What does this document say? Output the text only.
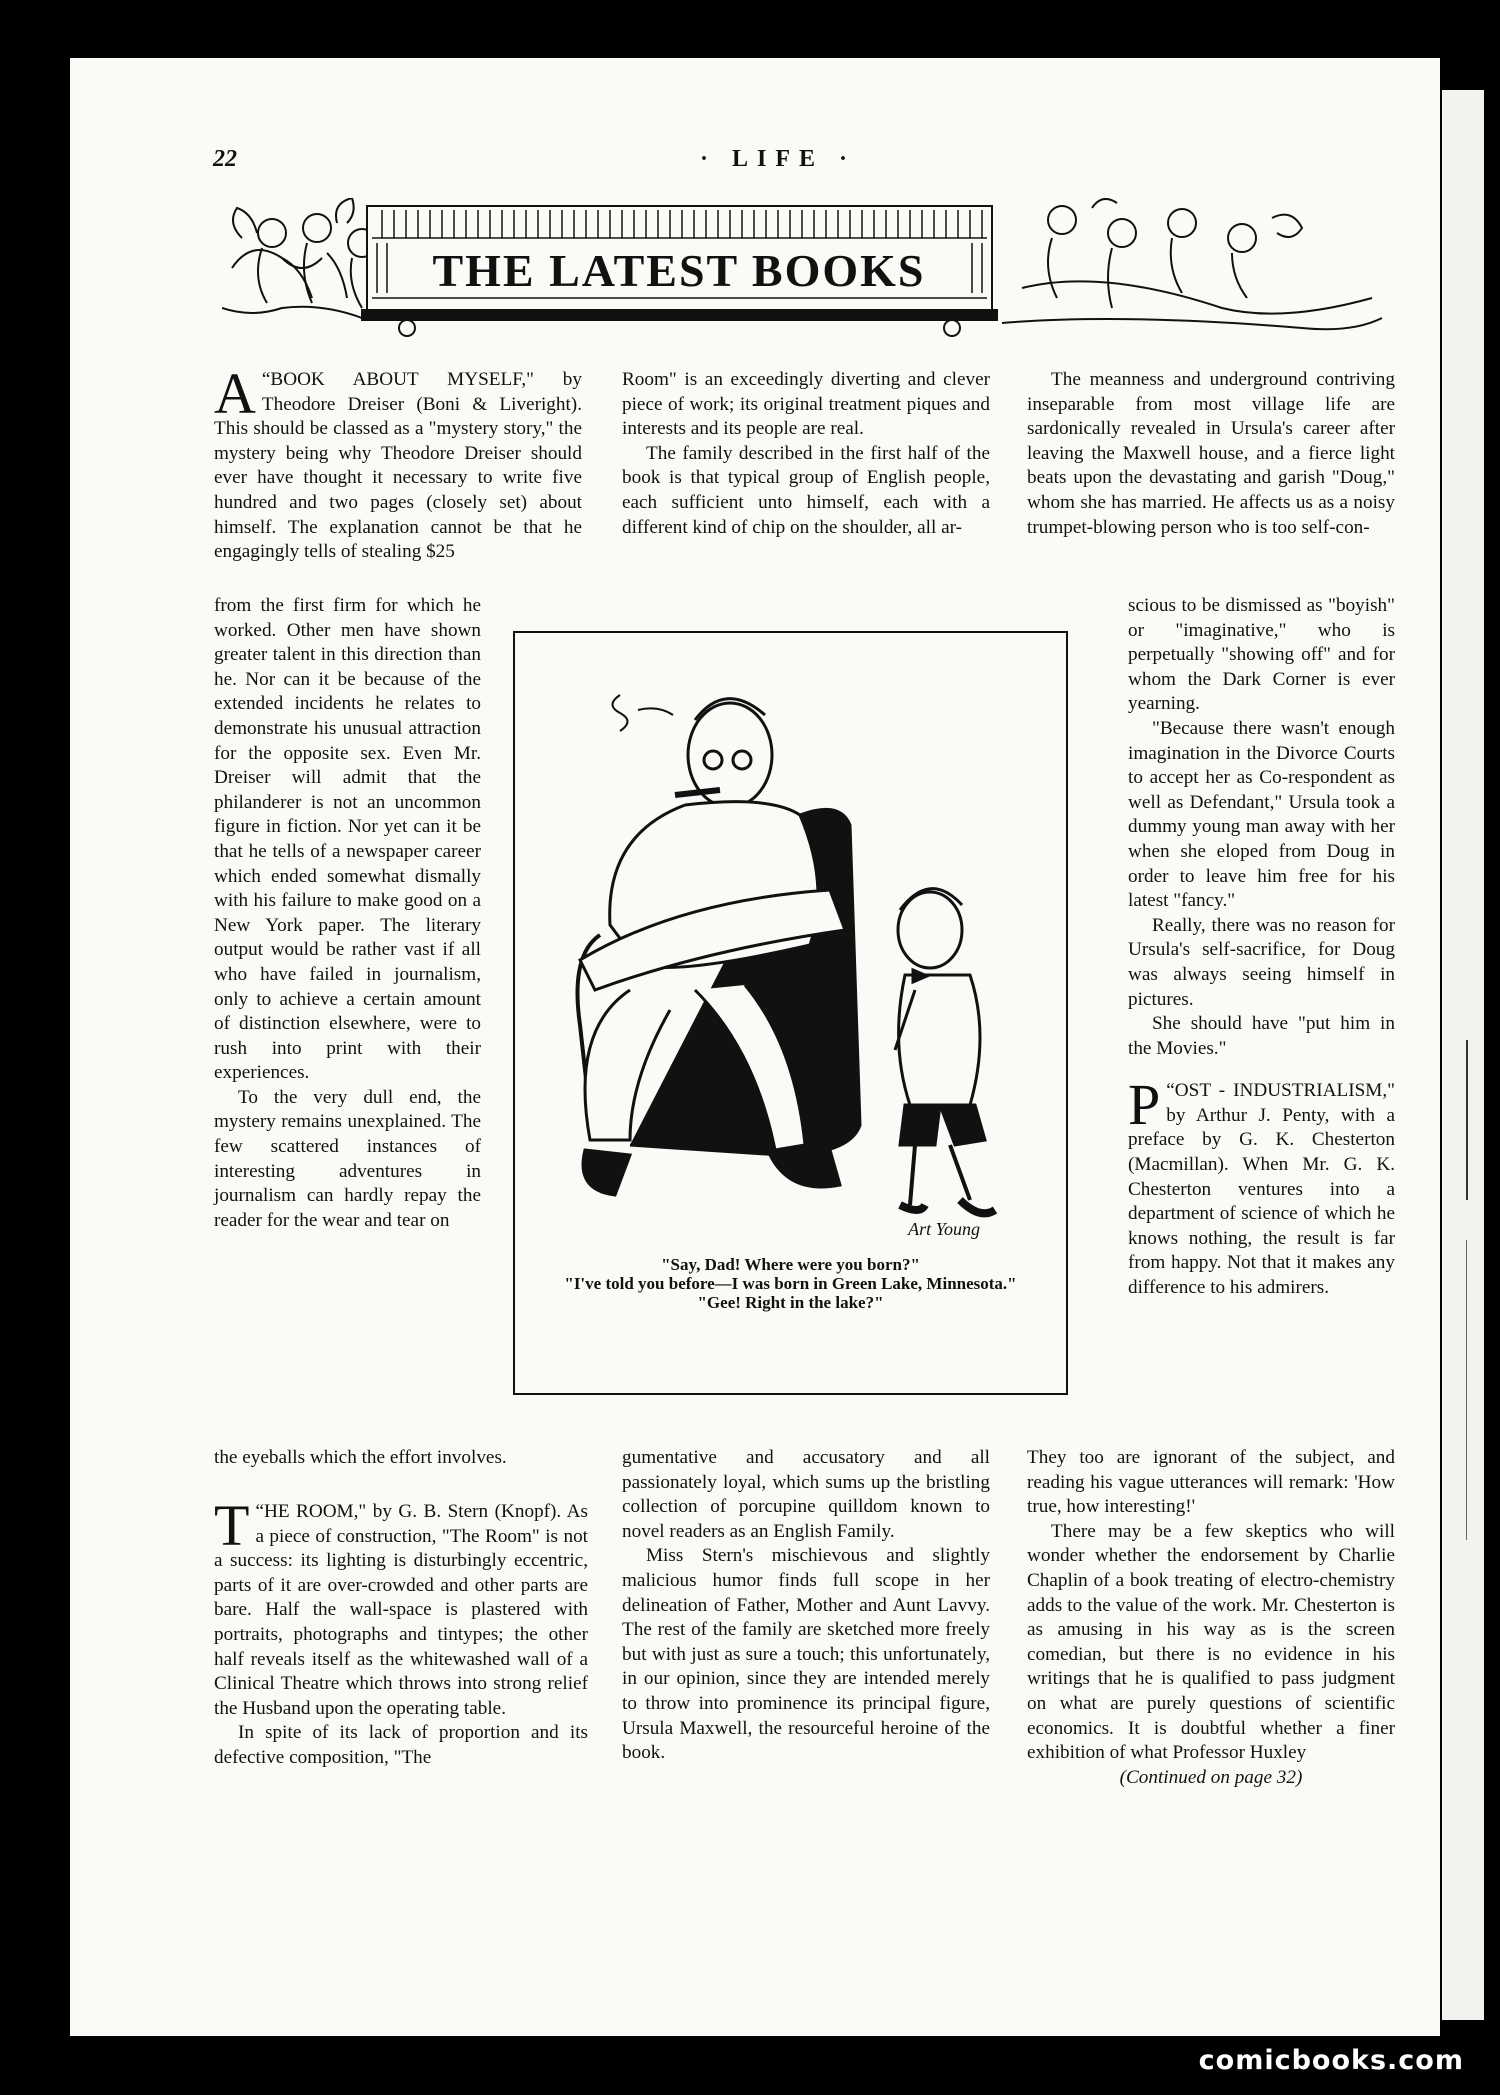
22	· LIFE ·
THE LATEST BOOKS

“
A BOOK ABOUT MYSELF," by Theodore Dreiser (Boni & Liveright). This should be classed as a "mystery story," the mystery being why Theodore Dreiser should ever have thought it necessary to write five hundred and two pages (closely set) about himself. The explanation cannot be that he engagingly tells of stealing $25

from the first firm for which he worked. Other men have shown greater talent in this direction than he. Nor can it be because of the extended incidents he relates to demonstrate his unusual attraction for the opposite sex. Even Mr. Dreiser will admit that the philanderer is not an uncommon figure in fiction. Nor yet can it be that he tells of a newspaper career which ended somewhat dismally with his failure to make good on a New York paper. The literary output would be rather vast if all who have failed in journalism, only to achieve a certain amount of distinction elsewhere, were to rush into print with their experiences.

To the very dull end, the mystery remains unexplained. The few scattered instances of interesting adventures in journalism can hardly repay the reader for the wear and tear on

the eyeballs which the effort involves.

“
T HE ROOM," by G. B. Stern (Knopf). As a piece of construction, "The Room" is not a success: its lighting is disturbingly eccentric, parts of it are over-crowded and other parts are bare. Half the wall-space is plastered with portraits, photographs and tintypes; the other half reveals itself as the whitewashed wall of a Clinical Theatre which throws into strong relief the Husband upon the operating table.

In spite of its lack of proportion and its defective composition, "The

Room" is an exceedingly diverting and clever piece of work; its original treatment piques and interests and its people are real.

The family described in the first half of the book is that typical group of English people, each sufficient unto himself, each with a different kind of chip on the shoulder, all ar-

gumentative and accusatory and all passionately loyal, which sums up the bristling collection of porcupine quilldom known to novel readers as an English Family.

Miss Stern's mischievous and slightly malicious humor finds full scope in her delineation of Father, Mother and Aunt Lavvy. The rest of the family are sketched more freely but with just as sure a touch; this unfortunately, in our opinion, since they are intended merely to throw into prominence its principal figure, Ursula Maxwell, the resourceful heroine of the book.

The meanness and underground contriving inseparable from most village life are sardonically revealed in Ursula's career after leaving the Maxwell house, and a fierce light beats upon the devastating and garish "Doug," whom she has married. He affects us as a noisy trumpet-blowing person who is too self-con-

scious to be dismissed as "boyish" or "imaginative," who is perpetually "showing off" and for whom the Dark Corner is ever yearning.

"Because there wasn't enough imagination in the Divorce Courts to accept her as Co-respondent as well as Defendant," Ursula took a dummy young man away with her when she eloped from Doug in order to leave him free for his latest "fancy."

Really, there was no reason for Ursula's self-sacrifice, for Doug was always seeing himself in pictures.

She should have "put him in the Movies."

“
P OST - INDUSTRIALISM," by Arthur J. Penty, with a preface by G. K. Chesterton (Macmillan). When Mr. G. K. Chesterton ventures into a department of science of which he knows nothing, the result is far from happy. Not that it makes any difference to his admirers.

They too are ignorant of the subject, and reading his vague utterances will remark: 'How true, how interesting!'

There may be a few skeptics who will wonder whether the endorsement by Charlie Chaplin of a book treating of electro-chemistry adds to the value of the work. Mr. Chesterton is as amusing in his way as is the screen comedian, but there is no evidence in his writings that he is qualified to pass judgment on what are purely questions of scientific economics. It is doubtful whether a finer exhibition of what Professor Huxley

(Continued on page 32)

Art Young
"Say, Dad! Where were you born?"
"I've told you before—I was born in Green Lake, Minnesota."
"Gee! Right in the lake?"
comicbooks.com
